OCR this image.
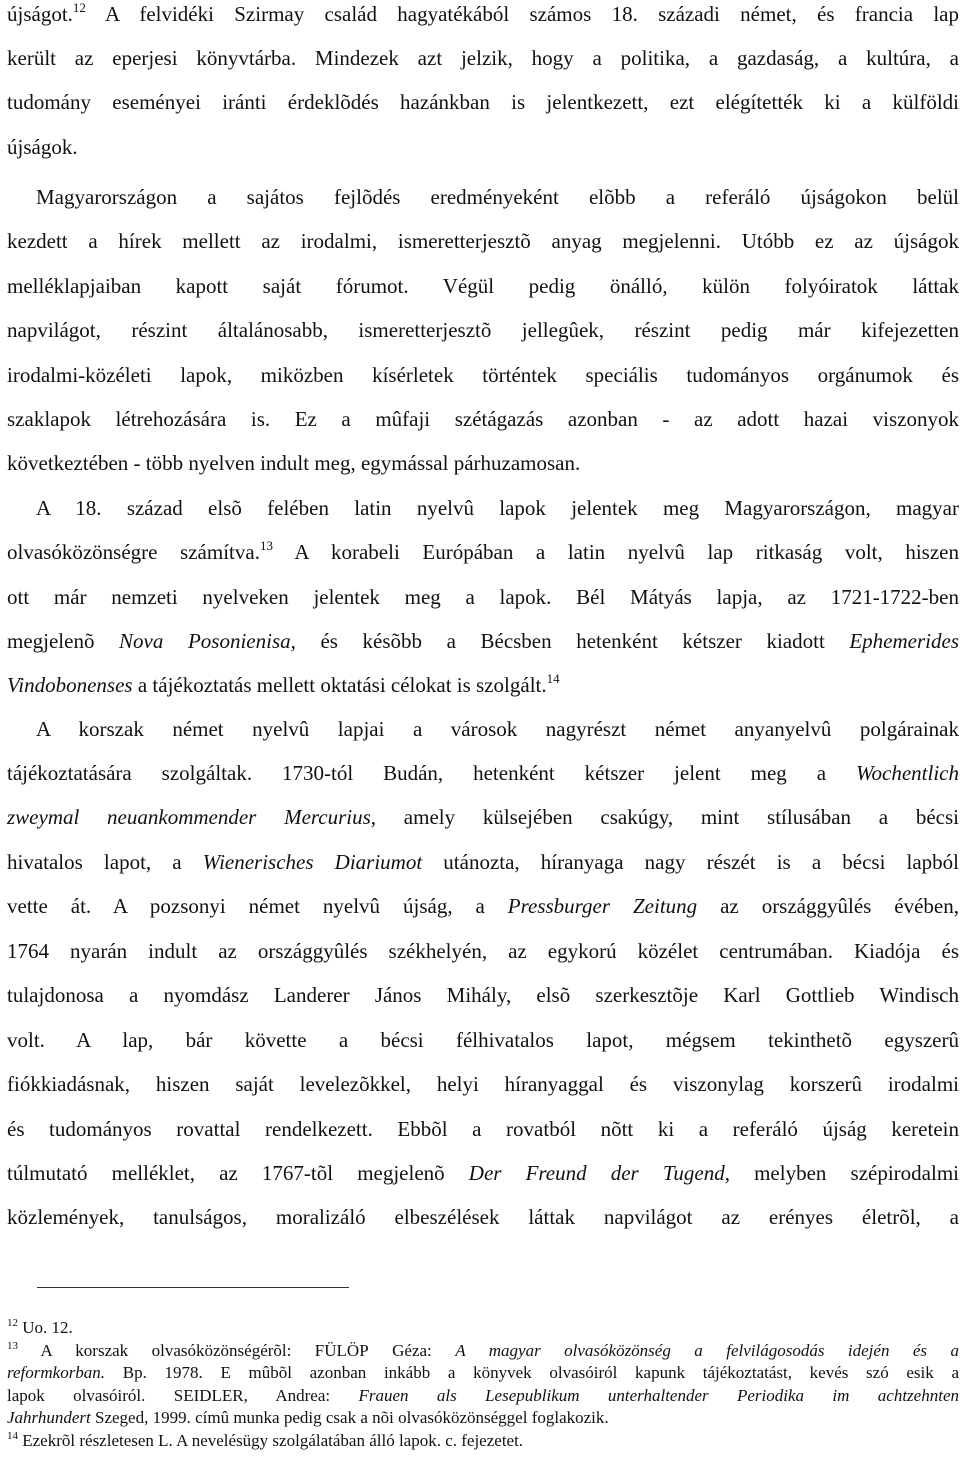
újságot.$^{12}$ A felvidéki Szirmay család hagyatékából számos 18. századi német, és francia lap
került az eperjesi könyvtárba. Mindezek azt jelzik, hogy a politika, a gazdaság, a kultúra, a
tudomány eseményei iránti érdeklõdés hazánkban is jelentkezett, ezt elégítették ki a külföldi
újságok.
Magyarországon a sajátos fejlõdés eredményeként elõbb a referáló újságokon belül
kezdett a hírek mellett az irodalmi, ismeretterjesztõ anyag megjelenni. Utóbb ez az újságok
melléklapjaiban kapott saját fórumot. Végül pedig önálló, külön folyóiratok láttak
napvilágot, részint általánosabb, ismeretterjesztõ jellegûek, részint pedig már kifejezetten
irodalmi-közéleti lapok, miközben kísérletek történtek speciális tudományos orgánumok és
szaklapok létrehozására is. Ez a mûfaji szétágazás azonban - az adott hazai viszonyok
következtében - több nyelven indult meg, egymással párhuzamosan.
A 18. század elsõ felében latin nyelvû lapok jelentek meg Magyarországon, magyar
olvasóközönségre számítva.$^{13}$ A korabeli Európában a latin nyelvû lap ritkaság volt, hiszen
ott már nemzeti nyelveken jelentek meg a lapok. Bél Mátyás lapja, az 1721-1722-ben
megjelenõ Nova Posonienisa, és késõbb a Bécsben hetenként kétszer kiadott Ephemerides
Vindobonenses a tájékoztatás mellett oktatási célokat is szolgált.$^{14}$
A korszak német nyelvû lapjai a városok nagyrészt német anyanyelvû polgárainak
tájékoztatására szolgáltak. 1730-tól Budán, hetenként kétszer jelent meg a Wochentlich
zweymal neuankommender Mercurius, amely külsejében csakúgy, mint stílusában a bécsi
hivatalos lapot, a Wienerisches Diariumot utánozta, híranyaga nagy részét is a bécsi lapból
vette át. A pozsonyi német nyelvû újság, a Pressburger Zeitung az országgyûlés évében,
1764 nyarán indult az országgyûlés székhelyén, az egykorú közélet centrumában. Kiadója és
tulajdonosa a nyomdász Landerer János Mihály, elsõ szerkesztõje Karl Gottlieb Windisch
volt. A lap, bár követte a bécsi félhivatalos lapot, mégsem tekinthetõ egyszerû
fiókkiadásnak, hiszen saját levelezõkkel, helyi híranyaggal és viszonylag korszerû irodalmi
és tudományos rovattal rendelkezett. Ebbõl a rovatból nõtt ki a referáló újság keretein
túlmutató melléklet, az 1767-tõl megjelenõ Der Freund der Tugend, melyben szépirodalmi
közlemények, tanulságos, moralizáló elbeszélések láttak napvilágot az erényes életrõl, a
$^{12}$ Uo. 12.
$^{13}$ A korszak olvasóközönségérõl: FÜLÖP Géza: A magyar olvasóközönség a felvilágosodás idején és a
reformkorban. Bp. 1978. E mûbõl azonban inkább a könyvek olvasóiról kapunk tájékoztatást, kevés szó esik a
lapok olvasóiról. SEIDLER, Andrea: Frauen als Lesepublikum unterhaltender Periodika im achtzehnten
Jahrhundert Szeged, 1999. címû munka pedig csak a nõi olvasóközönséggel foglakozik.
$^{14}$ Ezekrõl részletesen L. A nevelésügy szolgálatában álló lapok. c. fejezetet.
